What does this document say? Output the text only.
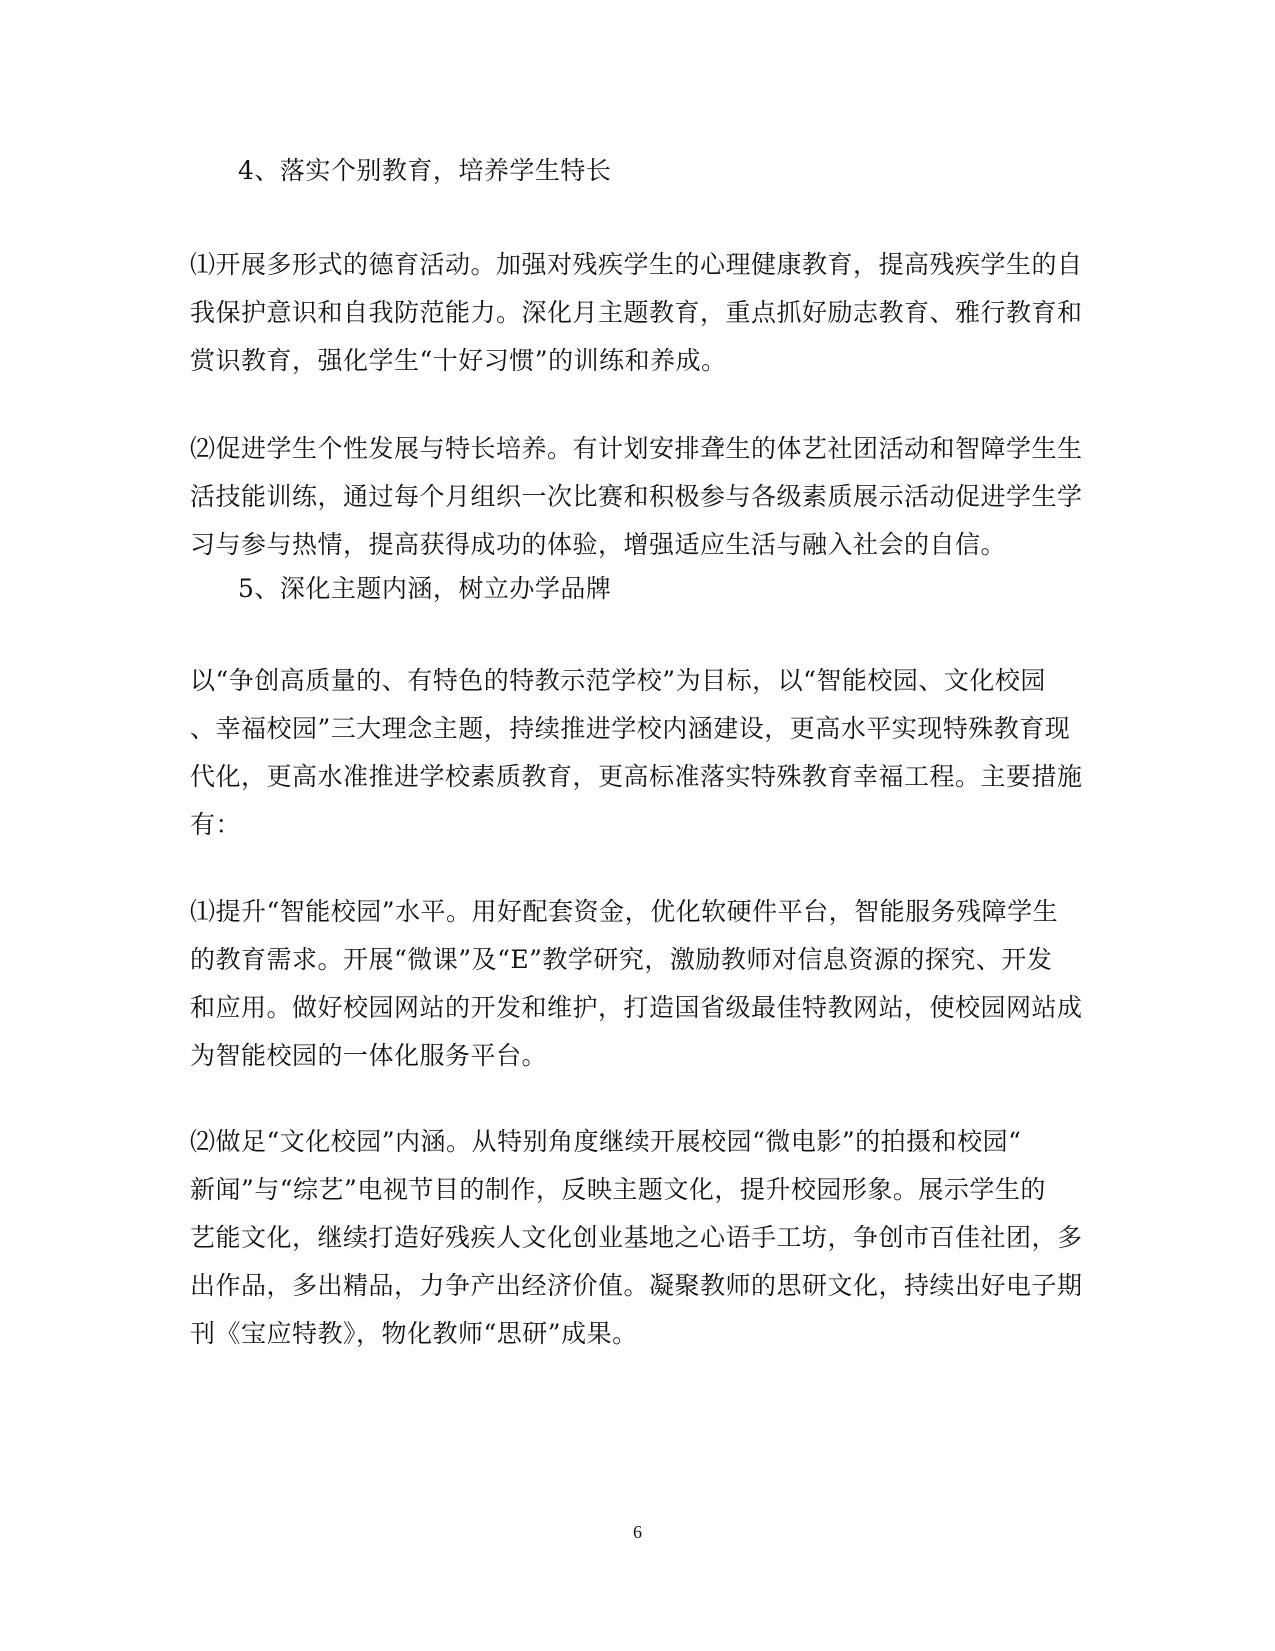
4、落实个别教育，培养学生特长
⑴开展多形式的德育活动。加强对残疾学生的心理健康教育，提高残疾学生的自
我保护意识和自我防范能力。深化月主题教育，重点抓好励志教育、雅行教育和
赏识教育，强化学生“十好习惯”的训练和养成。
⑵促进学生个性发展与特长培养。有计划安排聋生的体艺社团活动和智障学生生
活技能训练，通过每个月组织一次比赛和积极参与各级素质展示活动促进学生学
习与参与热情，提高获得成功的体验，增强适应生活与融入社会的自信。
5、深化主题内涵，树立办学品牌
以“争创高质量的、有特色的特教示范学校”为目标，以“智能校园、文化校园
、幸福校园”三大理念主题，持续推进学校内涵建设，更高水平实现特殊教育现
代化，更高水准推进学校素质教育，更高标准落实特殊教育幸福工程。主要措施
有：
⑴提升“智能校园”水平。用好配套资金，优化软硬件平台，智能服务残障学生
的教育需求。开展“微课”及“E”教学研究，激励教师对信息资源的探究、开发
和应用。做好校园网站的开发和维护，打造国省级最佳特教网站，使校园网站成
为智能校园的一体化服务平台。
⑵做足“文化校园”内涵。从特别角度继续开展校园“微电影”的拍摄和校园“
新闻”与“综艺”电视节目的制作，反映主题文化，提升校园形象。展示学生的
艺能文化，继续打造好残疾人文化创业基地之心语手工坊，争创市百佳社团，多
出作品，多出精品，力争产出经济价值。凝聚教师的思研文化，持续出好电子期
刊《宝应特教》，物化教师“思研”成果。
6
